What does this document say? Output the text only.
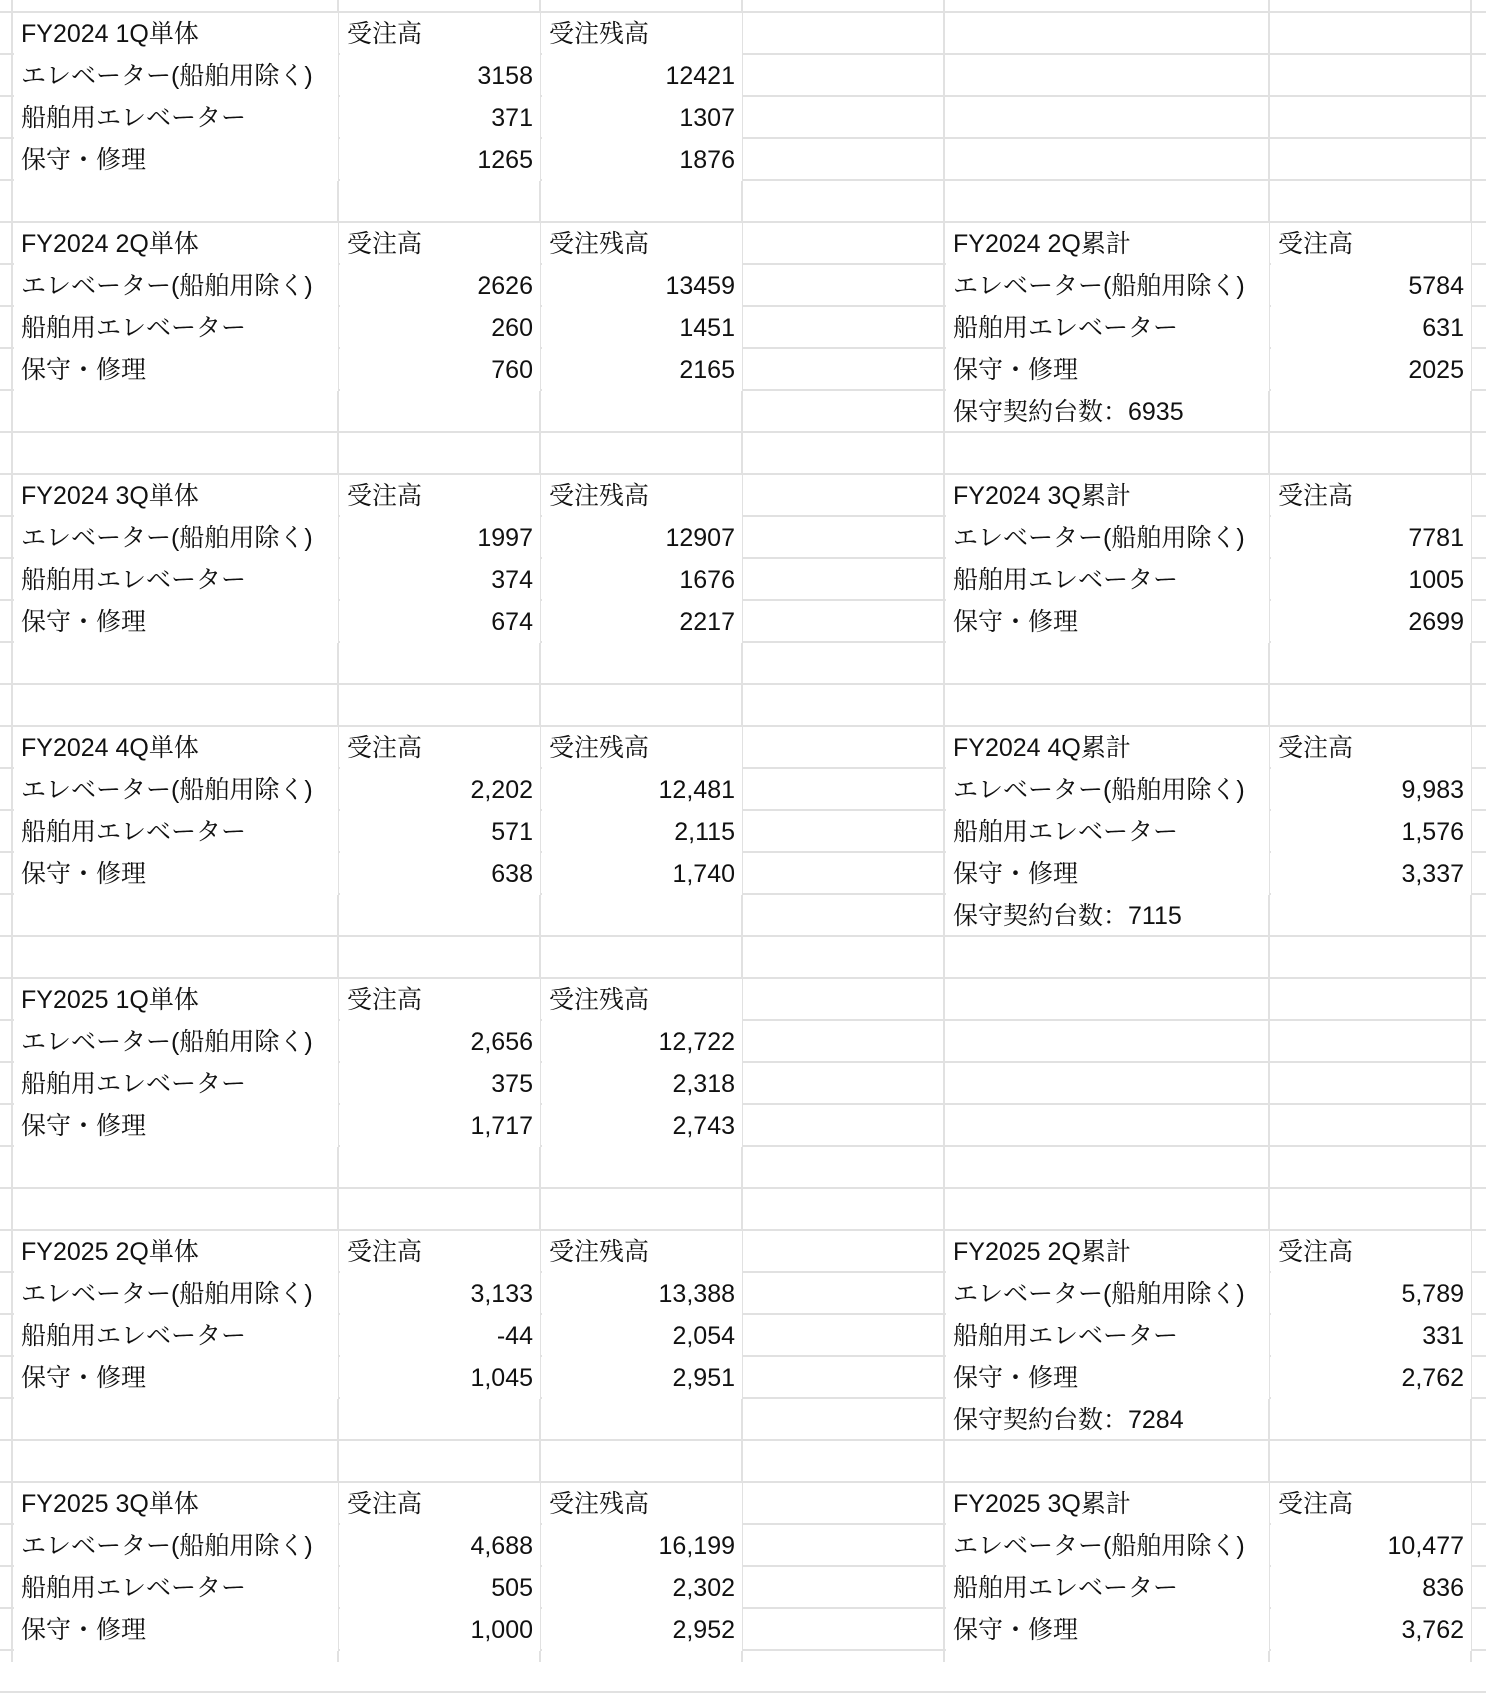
FY2024 1Q単体	受注高	受注残高
エレベーター(船舶用除く)	3158	12421
船舶用エレベーター	371	1307
保守・修理	1265	1876
FY2024 2Q単体	受注高	受注残高
エレベーター(船舶用除く)	2626	13459
船舶用エレベーター	260	1451
保守・修理	760	2165
FY2024 3Q単体	受注高	受注残高
エレベーター(船舶用除く)	1997	12907
船舶用エレベーター	374	1676
保守・修理	674	2217
FY2024 4Q単体	受注高	受注残高
エレベーター(船舶用除く)	2,202	12,481
船舶用エレベーター	571	2,115
保守・修理	638	1,740
FY2025 1Q単体	受注高	受注残高
エレベーター(船舶用除く)	2,656	12,722
船舶用エレベーター	375	2,318
保守・修理	1,717	2,743
FY2025 2Q単体	受注高	受注残高
エレベーター(船舶用除く)	3,133	13,388
船舶用エレベーター	-44	2,054
保守・修理	1,045	2,951
FY2025 3Q単体	受注高	受注残高
エレベーター(船舶用除く)	4,688	16,199
船舶用エレベーター	505	2,302
保守・修理	1,000	2,952
FY2024 2Q累計	受注高
エレベーター(船舶用除く)	5784
船舶用エレベーター	631
保守・修理	2025
保守契約台数：6935
FY2024 3Q累計	受注高
エレベーター(船舶用除く)	7781
船舶用エレベーター	1005
保守・修理	2699
FY2024 4Q累計	受注高
エレベーター(船舶用除く)	9,983
船舶用エレベーター	1,576
保守・修理	3,337
保守契約台数：7115
FY2025 2Q累計	受注高
エレベーター(船舶用除く)	5,789
船舶用エレベーター	331
保守・修理	2,762
保守契約台数：7284
FY2025 3Q累計	受注高
エレベーター(船舶用除く)	10,477
船舶用エレベーター	836
保守・修理	3,762
